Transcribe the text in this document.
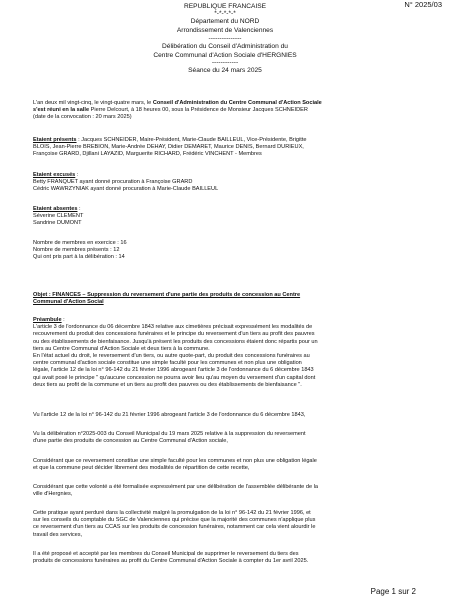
N° 2025/03
REPUBLIQUE FRANCAISE
*-*-*-*-*
Département du NORD
Arrondissement de Valenciennes
---------------
Délibération du Conseil d'Administration du
Centre Communal d'Action Sociale d'HERGNIES
------------
Séance du 24 mars 2025
L'an deux mil vingt-cinq, le vingt-quatre mars, le Conseil d'Administration du Centre Communal d'Action Sociale
s'est réuni en la salle Pierre Delcourt, à 18 heures 00, sous la Présidence de Monsieur Jacques SCHNEIDER
(date de la convocation : 20 mars 2025)
Etaient présents : Jacques SCHNEIDER, Maire-Président, Marie-Claude BAILLEUL, Vice-Présidente, Brigitte
BLOIS, Jean-Pierre BREBION, Marie-Andrée DEHAY, Didier DEMARET, Maurice DENIS, Bernard DURIEUX,
Françoise GRARD, Djillani LAYAZID, Marguerite RICHARD, Frédéric VINCHENT - Membres
Etaient excusés :
Betty FRANQUET ayant donné procuration à Françoise GRARD
Cédric WAWRZYNIAK ayant donné procuration à Marie-Claude BAILLEUL
Etaient absentes :
Séverine CLEMENT
Sandrine DUMONT
Nombre de membres en exercice : 16
Nombre de membres présents : 12
Qui ont pris part à la délibération : 14
Objet : FINANCES – Suppression du reversement d'une partie des produits de concession au Centre
Communal d'Action Social
Préambule :
L'article 3 de l'ordonnance du 06 décembre 1843 relative aux cimetières précisait expressément les modalités de
recouvrement du produit des concessions funéraires et le principe du reversement d'un tiers au profit des pauvres
ou des établissements de bienfaisance. Jusqu'à présent les produits des concessions étaient donc répartis pour un
tiers au Centre Communal d'Action Sociale et deux tiers à la commune.
En l'état actuel du droit, le reversement d'un tiers, ou autre quote-part, du produit des concessions funéraires au
centre communal d'action sociale constitue une simple faculté pour les communes et non plus une obligation
légale, l'article 12 de la loi n° 96-142 du 21 février 1996 abrogeant l'article 3 de l'ordonnance du 6 décembre 1843
qui avait posé le principe " qu'aucune concession ne pourra avoir lieu qu'au moyen du versement d'un capital dont
deux tiers au profit de la commune et un tiers au profit des pauvres ou des établissements de bienfaisance ".
Vu l'article 12 de la loi n° 96-142 du 21 février 1996 abrogeant l'article 3 de l'ordonnance du 6 décembre 1843,
Vu la délibération n°2025-003 du Conseil Municipal du 19 mars 2025 relative à la suppression du reversement
d'une partie des produits de concession au Centre Communal d'Action sociale,
Considérant que ce reversement constitue une simple faculté pour les communes et non plus une obligation légale
et que la commune peut décider librement des modalités de répartition de cette recette,
Considérant que cette volonté a été formalisée expressément par une délibération de l'assemblée délibérante de la
ville d'Hergnies,
Cette pratique ayant perduré dans la collectivité malgré la promulgation de la loi n° 96-142 du 21 février 1996, et
sur les conseils du comptable du SGC de Valenciennes qui précise que la majorité des communes n'applique plus
ce reversement d'un tiers au CCAS sur les produits de concession funéraires, notamment car cela vient alourdir le
travail des services,
Il a été proposé et accepté par les membres du Conseil Municipal de supprimer le reversement du tiers des
produits de concessions funéraires au profit du Centre Communal d'Action Sociale à compter du 1er avril 2025.
Page 1 sur 2
